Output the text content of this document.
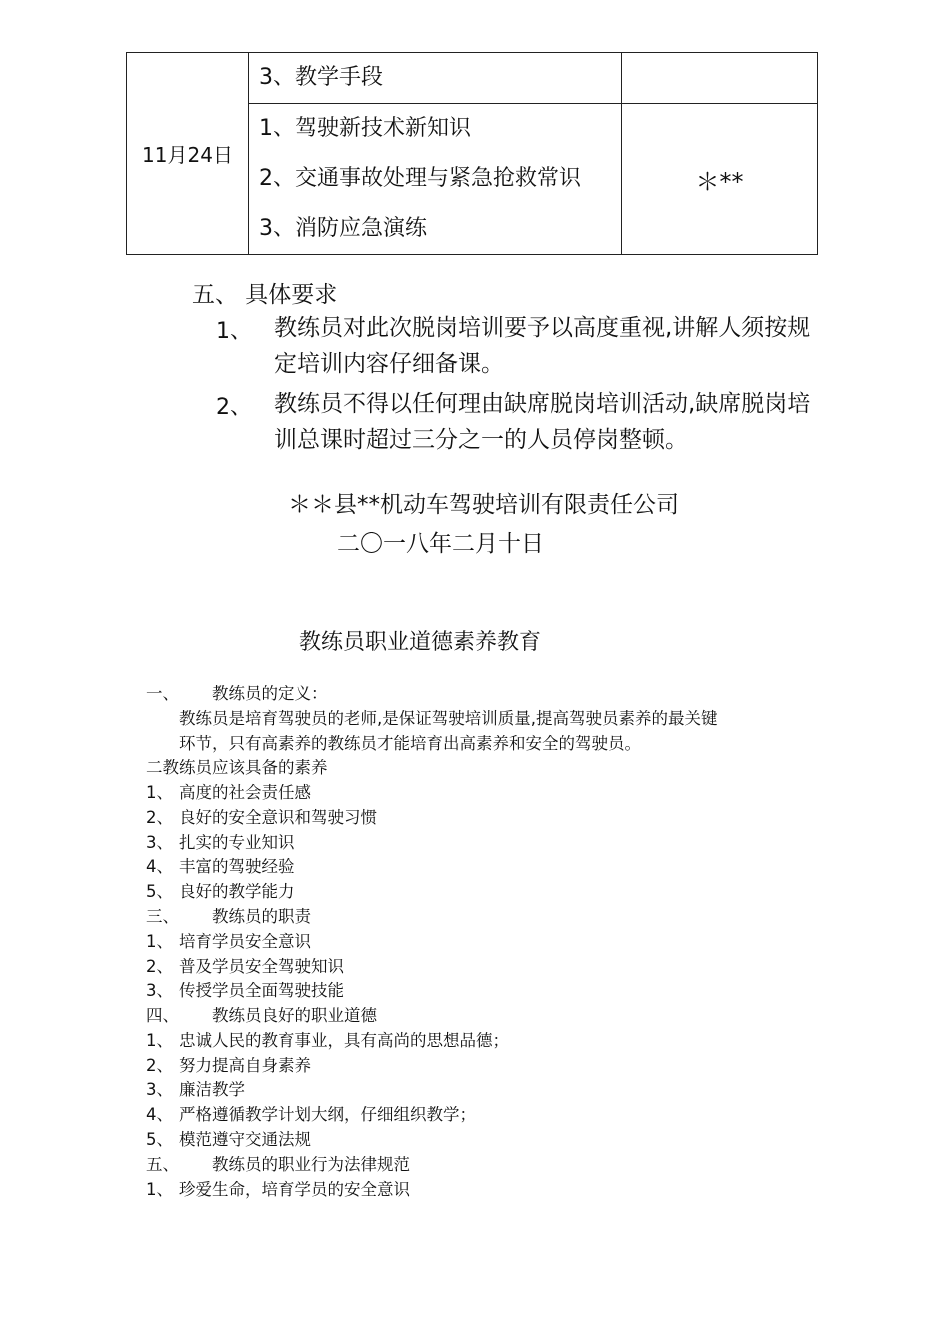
11月24日	3、教学手段	

	1、驾驶新技术新知识
2、交通事故处理与紧急抢救常识
3、消防应急演练	＊**
五、 具体要求
1、 教练员对此次脱岗培训要予以高度重视,讲解人须按规定培训内容仔细备课。
2、 教练员不得以任何理由缺席脱岗培训活动,缺席脱岗培训总课时超过三分之一的人员停岗整顿。
＊＊县**机动车驾驶培训有限责任公司
二〇一八年二月十日
教练员职业道德素养教育
一、 教练员的定义：
教练员是培育驾驶员的老师,是保证驾驶培训质量,提高驾驶员素养的最关键
环节，只有高素养的教练员才能培育出高素养和安全的驾驶员。
二教练员应该具备的素养
1、 高度的社会责任感
2、 良好的安全意识和驾驶习惯
3、 扎实的专业知识
4、 丰富的驾驶经验
5、 良好的教学能力
三、 教练员的职责
1、 培育学员安全意识
2、 普及学员安全驾驶知识
3、 传授学员全面驾驶技能
四、 教练员良好的职业道德
1、 忠诚人民的教育事业，具有高尚的思想品德；
2、 努力提高自身素养
3、 廉洁教学
4、 严格遵循教学计划大纲，仔细组织教学；
5、 模范遵守交通法规
五、 教练员的职业行为法律规范
1、 珍爱生命，培育学员的安全意识
